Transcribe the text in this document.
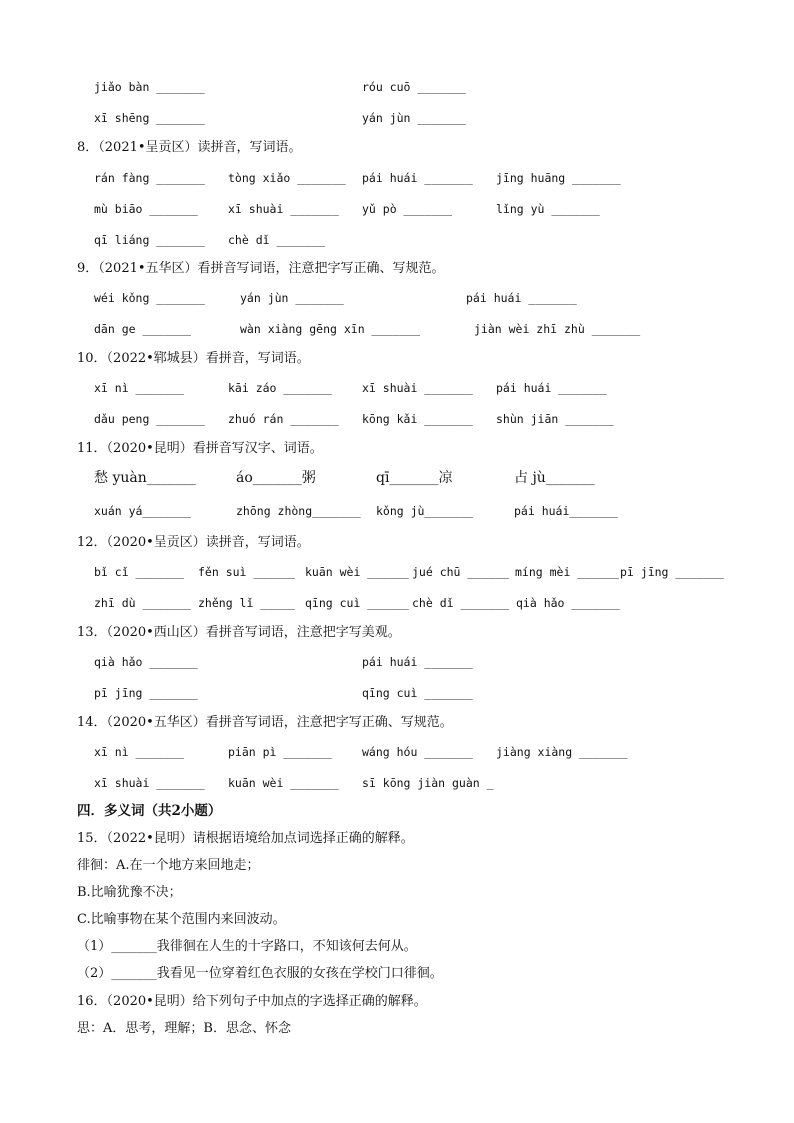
jiǎo bàn _______	róu cuō _______
xī shēng _______	yán jùn _______
8．（2021•呈贡区）读拼音，写词语。
rán fàng _______ tòng xiǎo _______ pái huái _______ jīng huāng _______
mù biāo _______	xī shuài _______ yǔ pò _______	lǐng yù _______
qī liáng _______ chè dǐ _______
9．（2021•五华区）看拼音写词语，注意把字写正确、写规范。
wéi kǒng _______	yán jùn _______	pái huái _______
dān ge _______	wàn xiàng gēng xīn _______	jiàn wèi zhī zhù _______
10．（2022•郓城县）看拼音，写词语。
xī nì _______	kāi záo _______	xī shuài _______ pái huái _______
dǎu peng _______ zhuó rán _______ kōng kǎi _______ shùn jiān _______
11．（2020•昆明）看拼音写汉字、词语。
愁 yuàn_______	áo_______粥	qī_______凉	占 jù_______
xuán yá_______	zhōng zhòng_______ kǒng jù_______	pái huái_______
12．（2020•呈贡区）读拼音，写词语。
bǐ cǐ _______ fěn suì ______ kuān wèi ______ jué chū ______ míng mèi ______ pī jīng _______
zhī dù _______ zhěng lǐ _____ qīng cuì ______ chè dǐ _______ qià hǎo _______
13．（2020•西山区）看拼音写词语，注意把字写美观。
qià hǎo _______	pái huái _______
pī jīng _______	qīng cuì _______
14．（2020•五华区）看拼音写词语，注意把字写正确、写规范。
xī nì _______	piān pì _______	wáng hóu _______ jiàng xiàng _______
xī shuài _______ kuān wèi _______ sī kōng jiàn guàn _
四．多义词（共2小题）
15．（2022•昆明）请根据语境给加点词选择正确的解释。
徘徊：A.在一个地方来回地走；
B.比喻犹豫不决；
C.比喻事物在某个范围内来回波动。
（1）_______我徘徊在人生的十字路口，不知该何去何从。
（2）_______我看见一位穿着红色衣服的女孩在学校门口徘徊。
16．（2020•昆明）给下列句子中加点的字选择正确的解释。
思：A．思考，理解；B．思念、怀念
